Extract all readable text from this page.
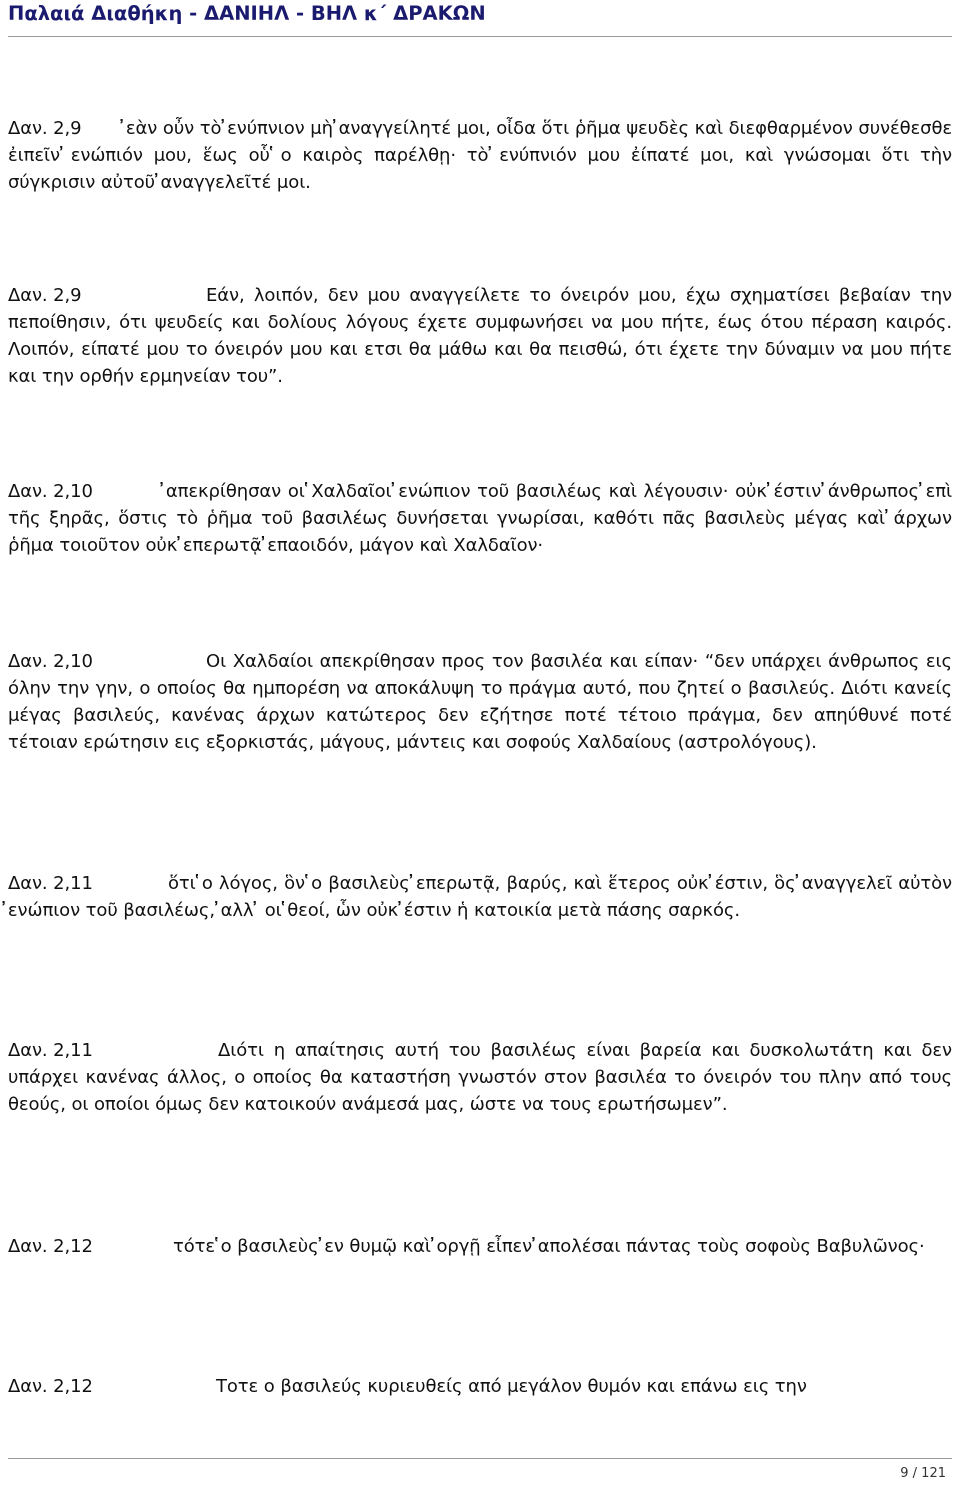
Παλαιά Διαθήκη - ΔΑΝΙΗΛ - ΒΗΛ κ΄ ΔΡΑΚΩΝ

Δαν. 2,9 ̓εὰν οὖν τὸ ̓ενύπνιον μὴ ̓αναγγείλητέ μοι, οἶδα ὅτι ῥῆμα ψευδὲς καὶ διεφθαρμένον συνέθεσθε ἐιπεῖν ̓ενώπιόν μου, ἕως οὗ ̔ο καιρὸς παρέλθῃ· τὸ ̓ενύπνιόν μου ἐίπατέ μοι, καὶ γνώσομαι ὅτι τὴν σύγκρισιν αὐτοῦ ̓αναγγελεῖτέ μοι.

Δαν. 2,9	Εάν, λοιπόν, δεν μου αναγγείλετε το όνειρόν μου, έχω σχηματίσει βεβαίαν την πεποίθησιν, ότι ψευδείς και δολίους λόγους έχετε συμφωνήσει να μου πήτε, έως ότου πέραση καιρός. Λοιπόν, είπατέ μου το όνειρόν μου και ετσι θα μάθω και θα πεισθώ, ότι έχετε την δύναμιν να μου πήτε και την ορθήν ερμηνείαν του”.

Δαν. 2,10	̓απεκρίθησαν οι ̔Χαλδαῖοι ̓ενώπιον τοῦ βασιλέως καὶ λέγουσιν· οὐκ ̓έστιν ̓άνθρωπος ̓επὶ τῆς ξηρᾶς, ὅστις τὸ ῥῆμα τοῦ βασιλέως δυνήσεται γνωρίσαι, καθότι πᾶς βασιλεὺς μέγας καὶ ̓άρχων ῥῆμα τοιοῦτον οὐκ ̓επερωτᾷ ̓επαοιδόν, μάγον καὶ Χαλδαῖον·

Δαν. 2,10	Οι Χαλδαίοι απεκρίθησαν προς τον βασιλέα και είπαν· “δεν υπάρχει άνθρωπος εις όλην την γην, ο οποίος θα ημπορέση να αποκάλυψη το πράγμα αυτό, που ζητεί ο βασιλεύς. Διότι κανείς μέγας βασιλεύς, κανένας άρχων κατώτερος δεν εζήτησε ποτέ τέτοιο πράγμα, δεν απηύθυνέ ποτέ τέτοιαν ερώτησιν εις εξορκιστάς, μάγους, μάντεις και σοφούς Χαλδαίους (αστρολόγους).

Δαν. 2,11	ὅτι ̔ο λόγος, ὃν ̔ο βασιλεὺς ̓επερωτᾷ, βαρύς, καὶ ἕτερος οὐκ ̓έστιν, ὃς ̓αναγγελεῖ αὐτὸν ̓ενώπιον τοῦ βασιλέως, ̓αλλ ̓ οι ̔θεοί, ὧν οὐκ ̓έστιν ἡ κατοικία μετὰ πάσης σαρκός.

Δαν. 2,11	Διότι η απαίτησις αυτή του βασιλέως είναι βαρεία και δυσκολωτάτη και δεν υπάρχει κανένας άλλος, ο οποίος θα καταστήση γνωστόν στον βασιλέα το όνειρόν του πλην από τους θεούς, οι οποίοι όμως δεν κατοικούν ανάμεσά μας, ώστε να τους ερωτήσωμεν”.

Δαν. 2,12	τότε ̔ο βασιλεὺς ̓εν θυμῷ καὶ ̓οργῇ εἶπεν ̓απολέσαι πάντας τοὺς σοφοὺς Βαβυλῶνος·

Δαν. 2,12	Τοτε ο βασιλεύς κυριευθείς από μεγάλον θυμόν και επάνω εις την

9 / 121
